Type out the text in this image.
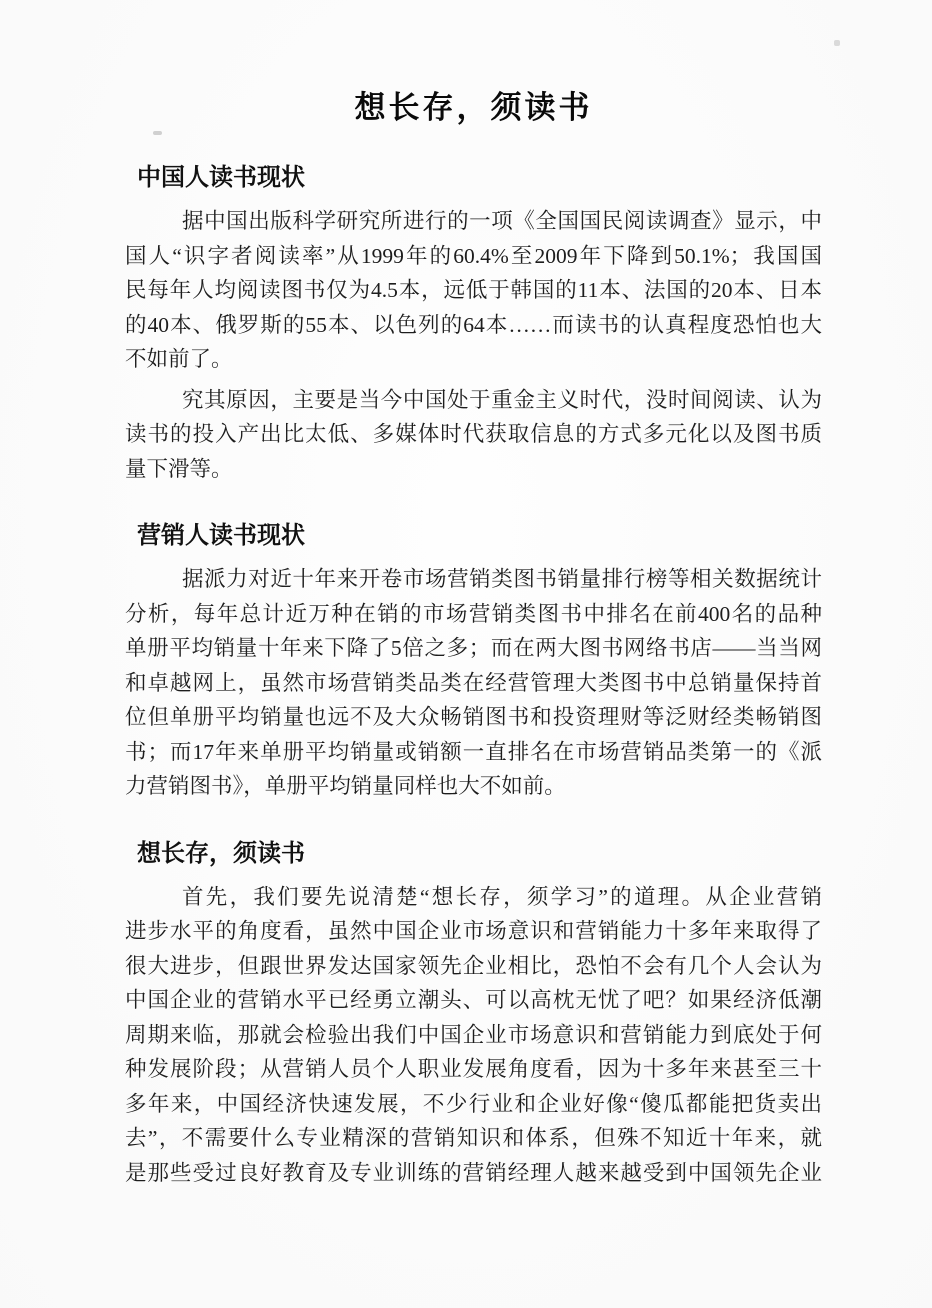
想长存，须读书
中国人读书现状
据中国出版科学研究所进行的一项《全国国民阅读调查》显示，中
国人“识字者阅读率”从1999年的60.4%至2009年下降到50.1%；我国国
民每年人均阅读图书仅为4.5本，远低于韩国的11本、法国的20本、日本
的40本、俄罗斯的55本、以色列的64本……而读书的认真程度恐怕也大
不如前了。
究其原因，主要是当今中国处于重金主义时代，没时间阅读、认为
读书的投入产出比太低、多媒体时代获取信息的方式多元化以及图书质
量下滑等。
营销人读书现状
据派力对近十年来开卷市场营销类图书销量排行榜等相关数据统计
分析，每年总计近万种在销的市场营销类图书中排名在前400名的品种
单册平均销量十年来下降了5倍之多；而在两大图书网络书店——当当网
和卓越网上，虽然市场营销类品类在经营管理大类图书中总销量保持首
位但单册平均销量也远不及大众畅销图书和投资理财等泛财经类畅销图
书；而17年来单册平均销量或销额一直排名在市场营销品类第一的《派
力营销图书》，单册平均销量同样也大不如前。
想长存，须读书
首先，我们要先说清楚“想长存，须学习”的道理。从企业营销
进步水平的角度看，虽然中国企业市场意识和营销能力十多年来取得了
很大进步，但跟世界发达国家领先企业相比，恐怕不会有几个人会认为
中国企业的营销水平已经勇立潮头、可以高枕无忧了吧？如果经济低潮
周期来临，那就会检验出我们中国企业市场意识和营销能力到底处于何
种发展阶段；从营销人员个人职业发展角度看，因为十多年来甚至三十
多年来，中国经济快速发展，不少行业和企业好像“傻瓜都能把货卖出
去”，不需要什么专业精深的营销知识和体系，但殊不知近十年来，就
是那些受过良好教育及专业训练的营销经理人越来越受到中国领先企业
